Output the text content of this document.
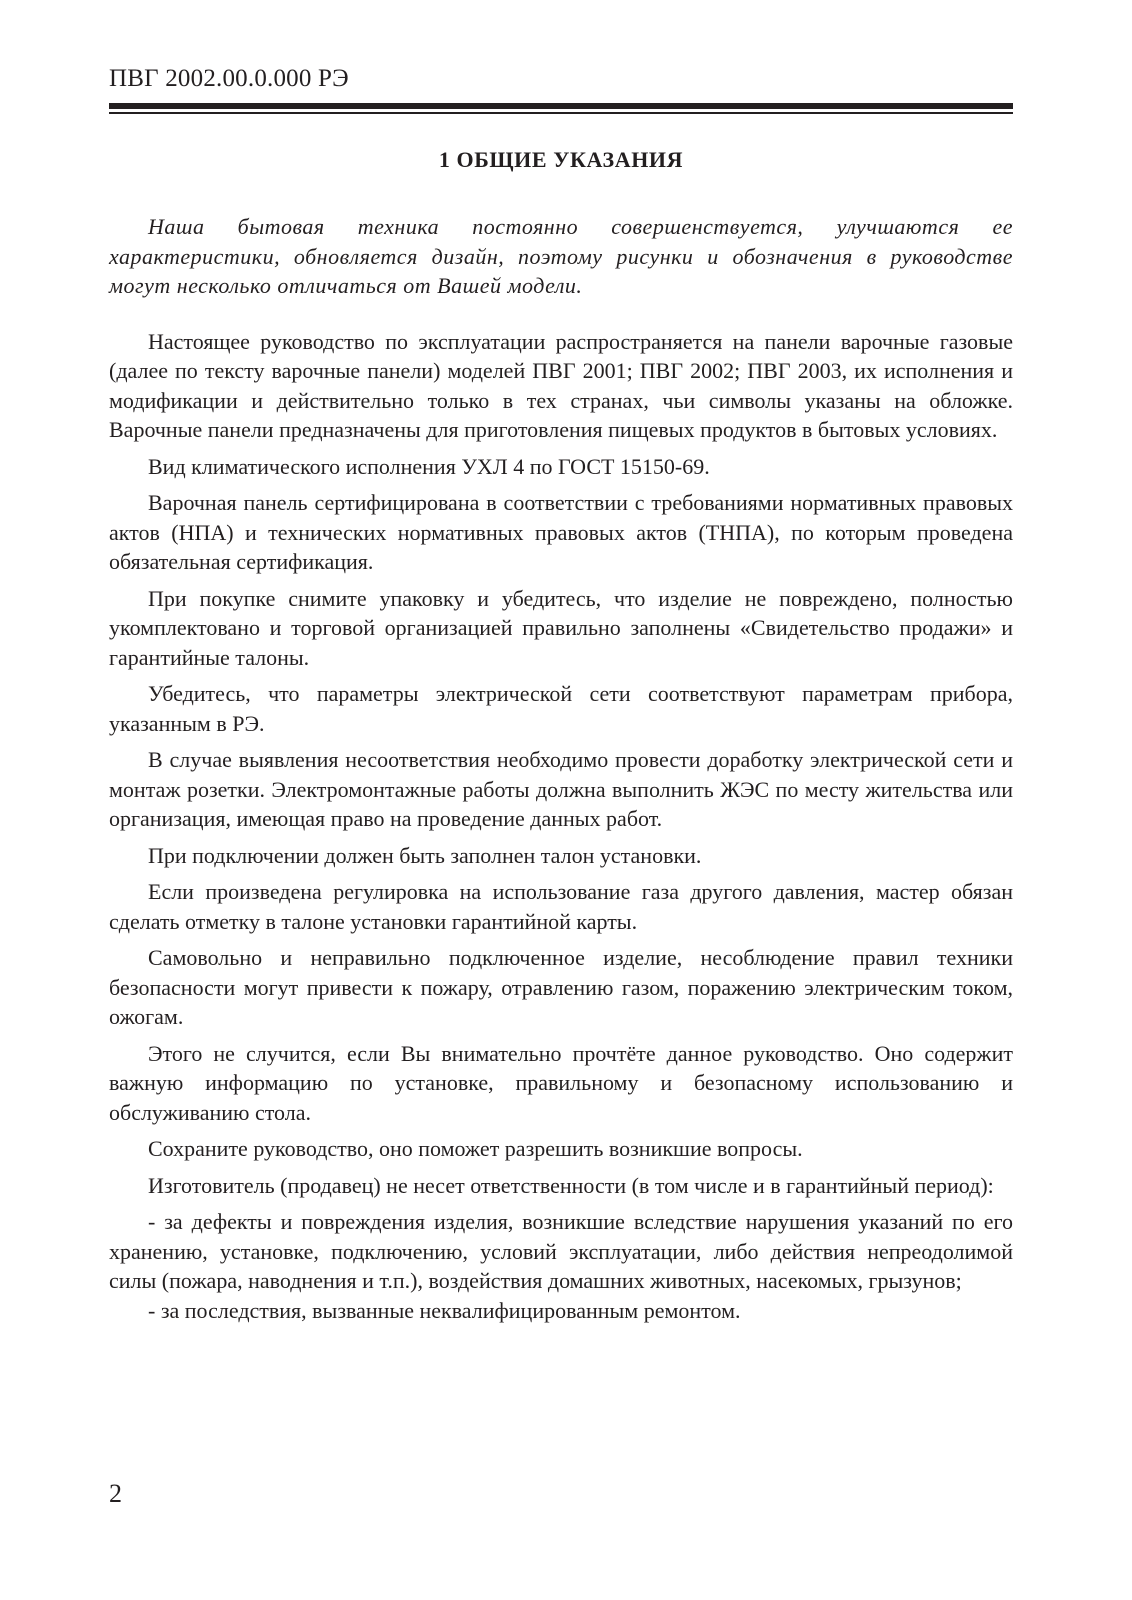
ПВГ 2002.00.0.000 РЭ
1 ОБЩИЕ УКАЗАНИЯ

Наша бытовая техника постоянно совершенствуется, улучшаются ее характеристики, обновляется дизайн, поэтому рисунки и обозначения в руководстве могут несколько отличаться от Вашей модели.

Настоящее руководство по эксплуатации распространяется на панели варочные газовые (далее по тексту варочные панели) моделей ПВГ 2001; ПВГ 2002; ПВГ 2003, их исполнения и модификации и действительно только в тех странах, чьи символы указаны на обложке. Варочные панели предназначены для приготовления пищевых продуктов в бытовых условиях.

Вид климатического исполнения УХЛ 4 по ГОСТ 15150-69.

Варочная панель сертифицирована в соответствии с требованиями нормативных правовых актов (НПА) и технических нормативных правовых актов (ТНПА), по которым проведена обязательная сертификация.

При покупке снимите упаковку и убедитесь, что изделие не повреждено, полностью укомплектовано и торговой организацией правильно заполнены «Свидетельство продажи» и гарантийные талоны.

Убедитесь, что параметры электрической сети соответствуют параметрам прибора, указанным в РЭ.

В случае выявления несоответствия необходимо провести доработку электрической сети и монтаж розетки. Электромонтажные работы должна выполнить ЖЭС по месту жительства или организация, имеющая право на проведение данных работ.

При подключении должен быть заполнен талон установки.

Если произведена регулировка на использование газа другого давления, мастер обязан сделать отметку в талоне установки гарантийной карты.

Самовольно и неправильно подключенное изделие, несоблюдение правил техники безопасности могут привести к пожару, отравлению газом, поражению электрическим током, ожогам.

Этого не случится, если Вы внимательно прочтёте данное руководство. Оно содержит важную информацию по установке, правильному и безопасному использованию и обслуживанию стола.

Сохраните руководство, оно поможет разрешить возникшие вопросы.

Изготовитель (продавец) не несет ответственности (в том числе и в гарантийный период):

- за дефекты и повреждения изделия, возникшие вследствие нарушения указаний по его хранению, установке, подключению, условий эксплуатации, либо действия непреодолимой силы (пожара, наводнения и т.п.), воздействия домашних животных, насекомых, грызунов;

- за последствия, вызванные неквалифицированным ремонтом.

2
